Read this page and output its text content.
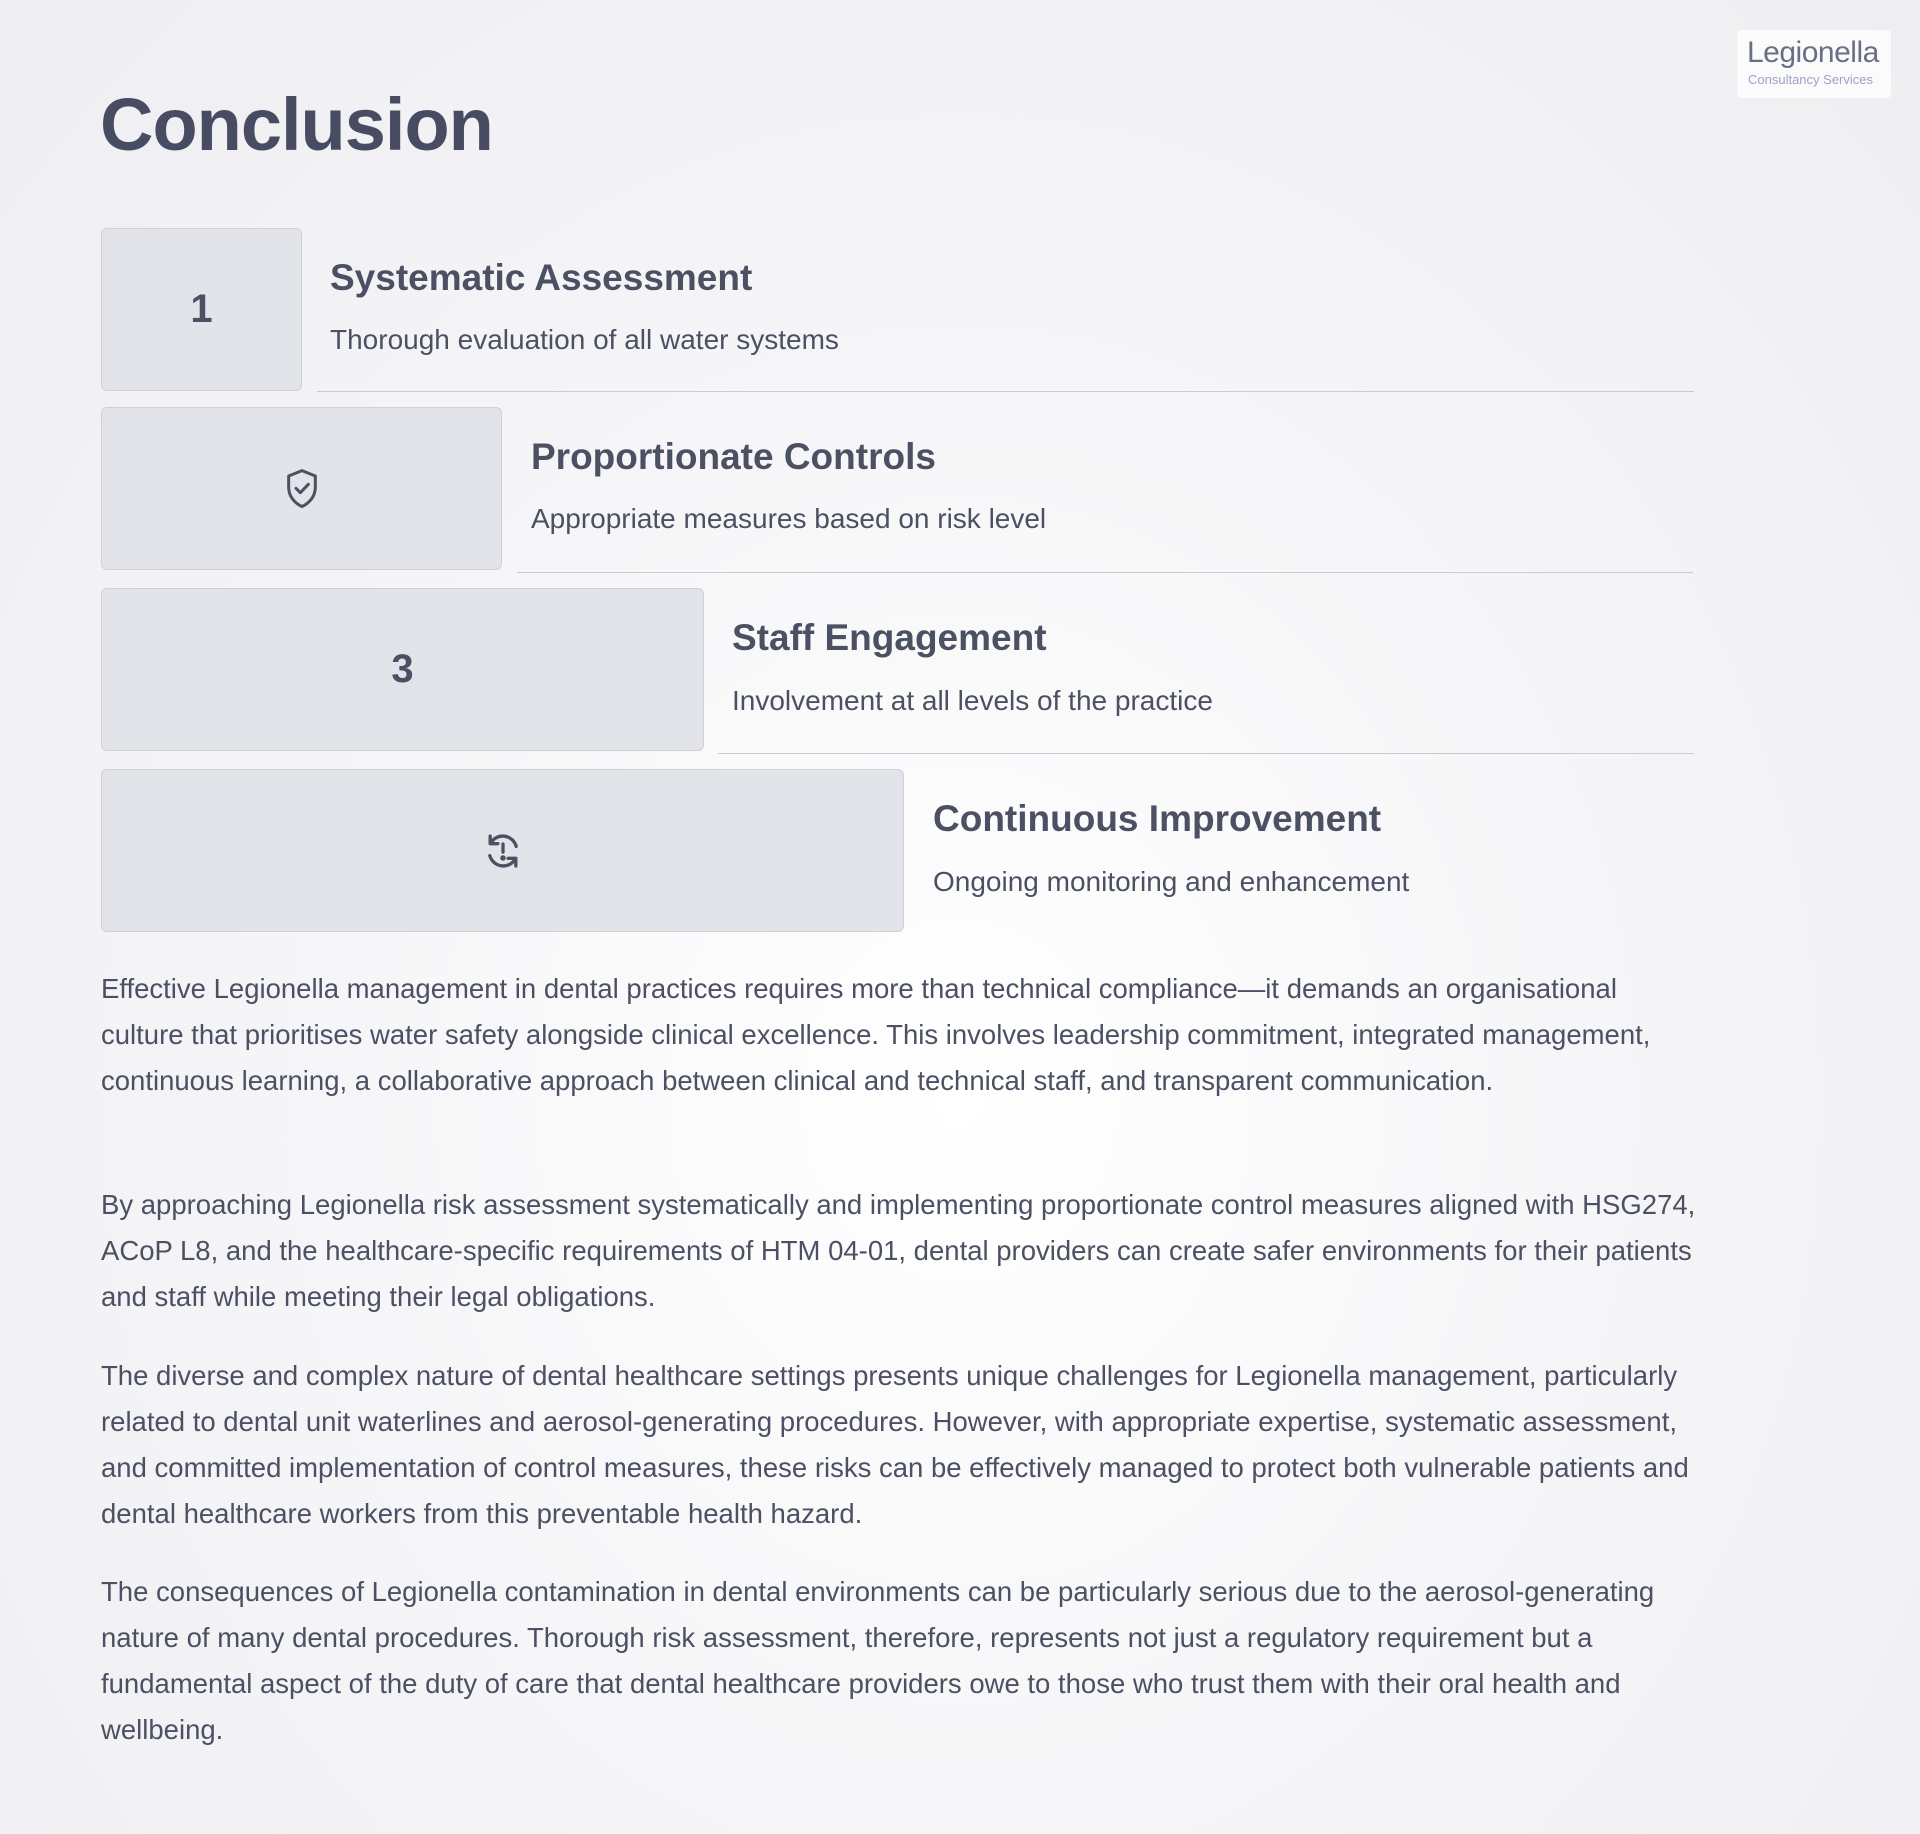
Legionella
Consultancy Services
Conclusion
1
Systematic Assessment
Thorough evaluation of all water systems
Proportionate Controls
Appropriate measures based on risk level
3
Staff Engagement
Involvement at all levels of the practice
Continuous Improvement
Ongoing monitoring and enhancement

Effective Legionella management in dental practices requires more than technical compliance—it demands an organisational culture that prioritises water safety alongside clinical excellence. This involves leadership commitment, integrated management, continuous learning, a collaborative approach between clinical and technical staff, and transparent communication.

By approaching Legionella risk assessment systematically and implementing proportionate control measures aligned with HSG274, ACoP L8, and the healthcare-specific requirements of HTM 04-01, dental providers can create safer environments for their patients and staff while meeting their legal obligations.

The diverse and complex nature of dental healthcare settings presents unique challenges for Legionella management, particularly related to dental unit waterlines and aerosol-generating procedures. However, with appropriate expertise, systematic assessment, and committed implementation of control measures, these risks can be effectively managed to protect both vulnerable patients and dental healthcare workers from this preventable health hazard.

The consequences of Legionella contamination in dental environments can be particularly serious due to the aerosol-generating nature of many dental procedures. Thorough risk assessment, therefore, represents not just a regulatory requirement but a fundamental aspect of the duty of care that dental healthcare providers owe to those who trust them with their oral health and wellbeing.
